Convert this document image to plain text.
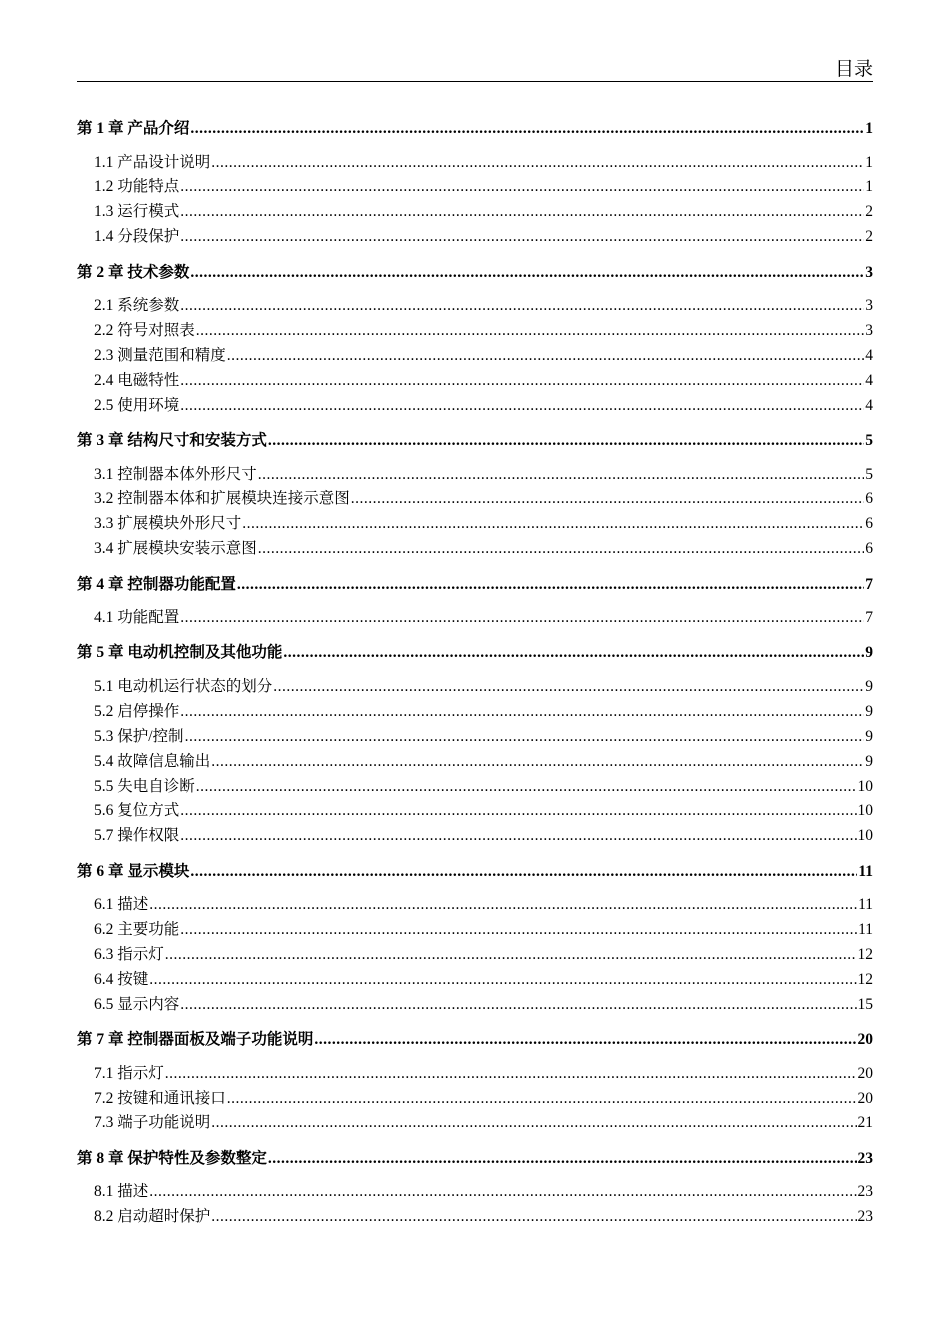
目录
第 1 章 产品介绍 .....	1
1.1 产品设计说明 .....	1
1.2 功能特点 .....	1
1.3 运行模式 .....	2
1.4 分段保护 .....	2
第 2 章 技术参数 .....	3
2.1 系统参数 .....	3
2.2 符号对照表 .....	3
2.3 测量范围和精度 .....	4
2.4 电磁特性 .....	4
2.5 使用环境 .....	4
第 3 章 结构尺寸和安装方式 .....	5
3.1 控制器本体外形尺寸 .....	5
3.2 控制器本体和扩展模块连接示意图 .....	6
3.3 扩展模块外形尺寸 .....	6
3.4 扩展模块安装示意图 .....	6
第 4 章 控制器功能配置 .....	7
4.1 功能配置 .....	7
第 5 章 电动机控制及其他功能 .....	9
5.1 电动机运行状态的划分 .....	9
5.2 启停操作 .....	9
5.3 保护/控制 .....	9
5.4 故障信息输出 .....	9
5.5 失电自诊断 .....	10
5.6 复位方式 .....	10
5.7 操作权限 .....	10
第 6 章 显示模块 .....	11
6.1 描述 .....	11
6.2 主要功能 .....	11
6.3 指示灯 .....	12
6.4 按键 .....	12
6.5 显示内容 .....	15
第 7 章 控制器面板及端子功能说明 .....	20
7.1 指示灯 .....	20
7.2 按键和通讯接口 .....	20
7.3 端子功能说明 .....	21
第 8 章 保护特性及参数整定 .....	23
8.1 描述 .....	23
8.2 启动超时保护 .....	23
